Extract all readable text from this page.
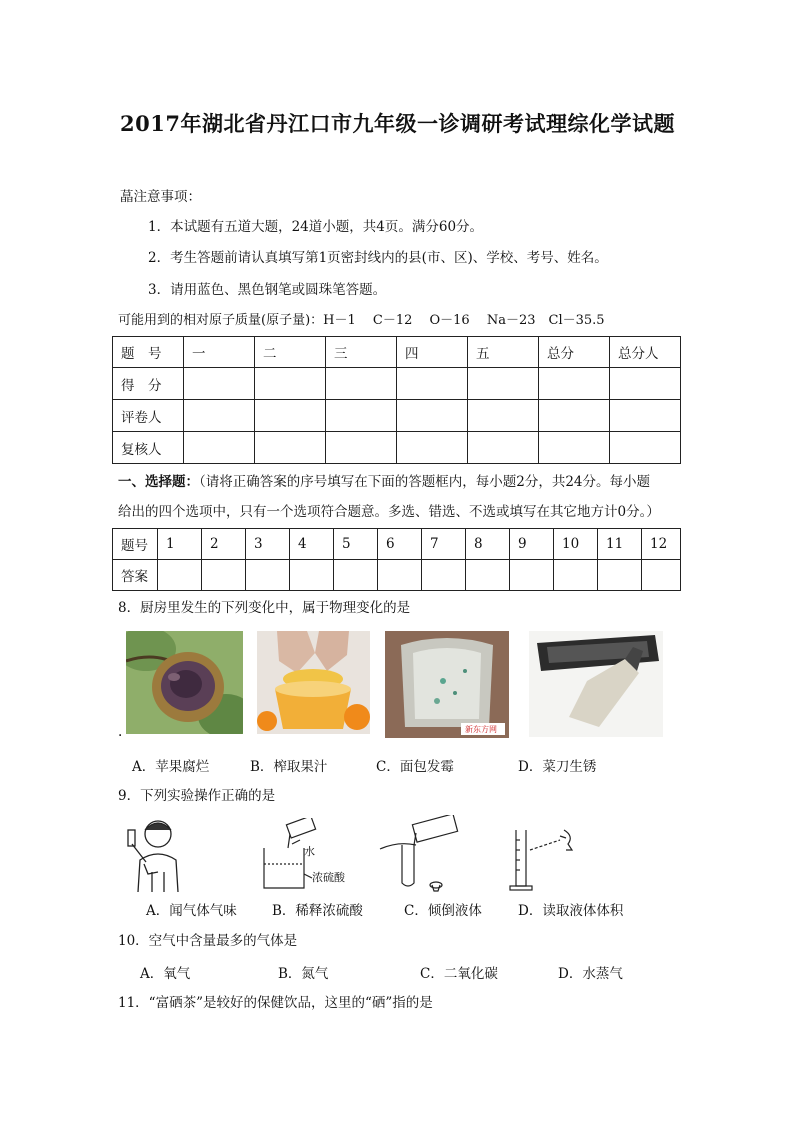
2017年湖北省丹江口市九年级一诊调研考试理综化学试题
蕌注意事项：
1．本试题有五道大题，24道小题，共4页。满分60分。
2．考生答题前请认真填写第1页密封线内的县(市、区)、学校、考号、姓名。
3．请用蓝色、黑色钢笔或圆珠笔答题。
可能用到的相对原子质量(原子量)：H－1　 C－12　 O－16　 Na－23　Cl－35.5
题　号	一	二	三	四	五	总分	总分人
得　分							
评卷人							
复核人							
一、选择题：（请将正确答案的序号填写在下面的答题框内，每小题2分，共24分。每小题
给出的四个选项中，只有一个选项符合题意。多选、错选、不选或填写在其它地方计0分。）
题号	1	2	3	4	5	6	7	8	9	10	11	12
答案												
8．厨房里发生的下列变化中，属于物理变化的是
新东方网
.
A．苹果腐烂	B．榨取果汁	C．面包发霉	D．菜刀生锈
9．下列实验操作正确的是
水
浓硫酸
A．闻气体气味	B．稀释浓硫酸	C．倾倒液体	D．读取液体体积
10．空气中含量最多的气体是
A．氧气	B．氮气	C．二氧化碳	D．水蒸气
11．“富硒茶”是较好的保健饮品，这里的“硒”指的是
